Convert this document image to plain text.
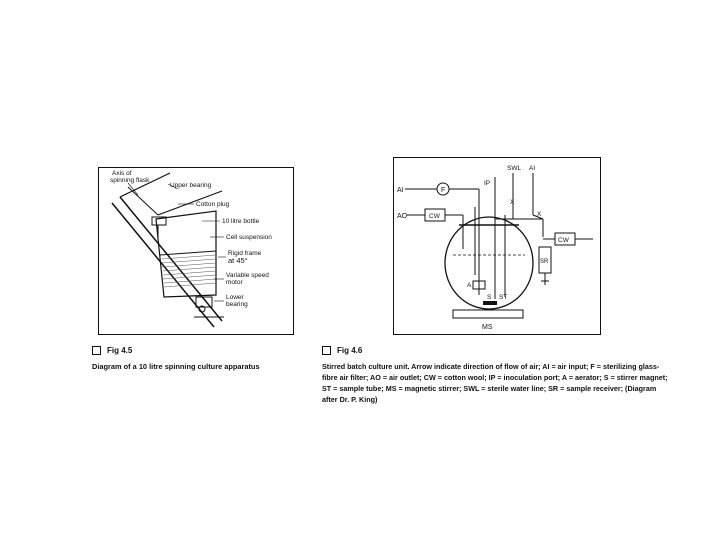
Axis of
spinning flask
Upper bearing
Cotton plug
10 litre bottle
Cell suspension
Rigid frame
at 45°
Variable speed
motor
Lower
bearing
Fig 4.5
Diagram of a 10 litre spinning culture apparatus
AI	F
IP
SWL AI
AO	CW
X
X
CW
SR
A
S ST
MS
Fig 4.6
Stirred batch culture unit. Arrow indicate direction of flow of air; AI = air input; F = sterilizing glass-
fibre air filter; AO = air outlet; CW = cotton wool; IP = inoculation port; A = aerator; S = stirrer magnet;
ST = sample tube; MS = magnetic stirrer; SWL = sterile water line; SR = sample receiver; (Diagram
after Dr. P. King)
